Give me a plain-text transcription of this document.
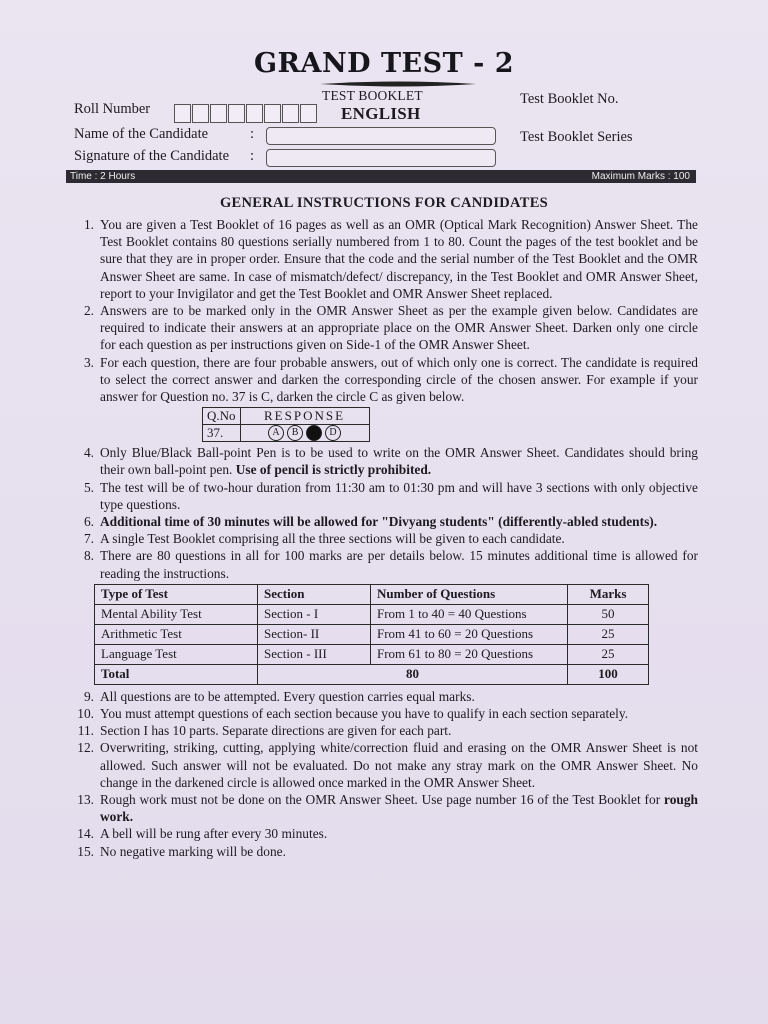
GRAND TEST - 2
Roll Number
TEST BOOKLET
ENGLISH
Test Booklet No.
Test Booklet Series
Name of the Candidate	:
Signature of the Candidate :
Time : 2 Hours	Maximum Marks : 100
GENERAL INSTRUCTIONS FOR CANDIDATES
1. You are given a Test Booklet of 16 pages as well as an OMR (Optical Mark Recognition) Answer Sheet. The Test Booklet contains 80 questions serially numbered from 1 to 80. Count the pages of the test booklet and be sure that they are in proper order. Ensure that the code and the serial number of the Test Booklet and the OMR Answer Sheet are same. In case of mismatch/defect/ discrepancy, in the Test Booklet and OMR Answer Sheet, report to your Invigilator and get the Test Booklet and OMR Answer Sheet replaced.
2. Answers are to be marked only in the OMR Answer Sheet as per the example given below. Candidates are required to indicate their answers at an appropriate place on the OMR Answer Sheet. Darken only one circle for each question as per instructions given on Side-1 of the OMR Answer Sheet.
3. For each question, there are four probable answers, out of which only one is correct. The candidate is required to select the correct answer and darken the corresponding circle of the chosen answer. For example if your answer for Question no. 37 is C, darken the circle C as given below.
Q.No	RESPONSE
37.	A B C D
4. Only Blue/Black Ball-point Pen is to be used to write on the OMR Answer Sheet. Candidates should bring their own ball-point pen. Use of pencil is strictly prohibited.
5. The test will be of two-hour duration from 11:30 am to 01:30 pm and will have 3 sections with only objective type questions.
6. Additional time of 30 minutes will be allowed for "Divyang students" (differently-abled students).
7. A single Test Booklet comprising all the three sections will be given to each candidate.
8. There are 80 questions in all for 100 marks are per details below. 15 minutes additional time is allowed for reading the instructions.
Type of Test	Section	Number of Questions	Marks
Mental Ability Test	Section - I	From 1 to 40 = 40 Questions	50
Arithmetic Test	Section- II	From 41 to 60 = 20 Questions	25
Language Test	Section - III	From 61 to 80 = 20 Questions	25
Total	80		100
9. All questions are to be attempted. Every question carries equal marks.
10. You must attempt questions of each section because you have to qualify in each section separately.
11. Section I has 10 parts. Separate directions are given for each part.
12. Overwriting, striking, cutting, applying white/correction fluid and erasing on the OMR Answer Sheet is not allowed. Such answer will not be evaluated. Do not make any stray mark on the OMR Answer Sheet. No change in the darkened circle is allowed once marked in the OMR Answer Sheet.
13. Rough work must not be done on the OMR Answer Sheet. Use page number 16 of the Test Booklet for rough work.
14. A bell will be rung after every 30 minutes.
15. No negative marking will be done.
